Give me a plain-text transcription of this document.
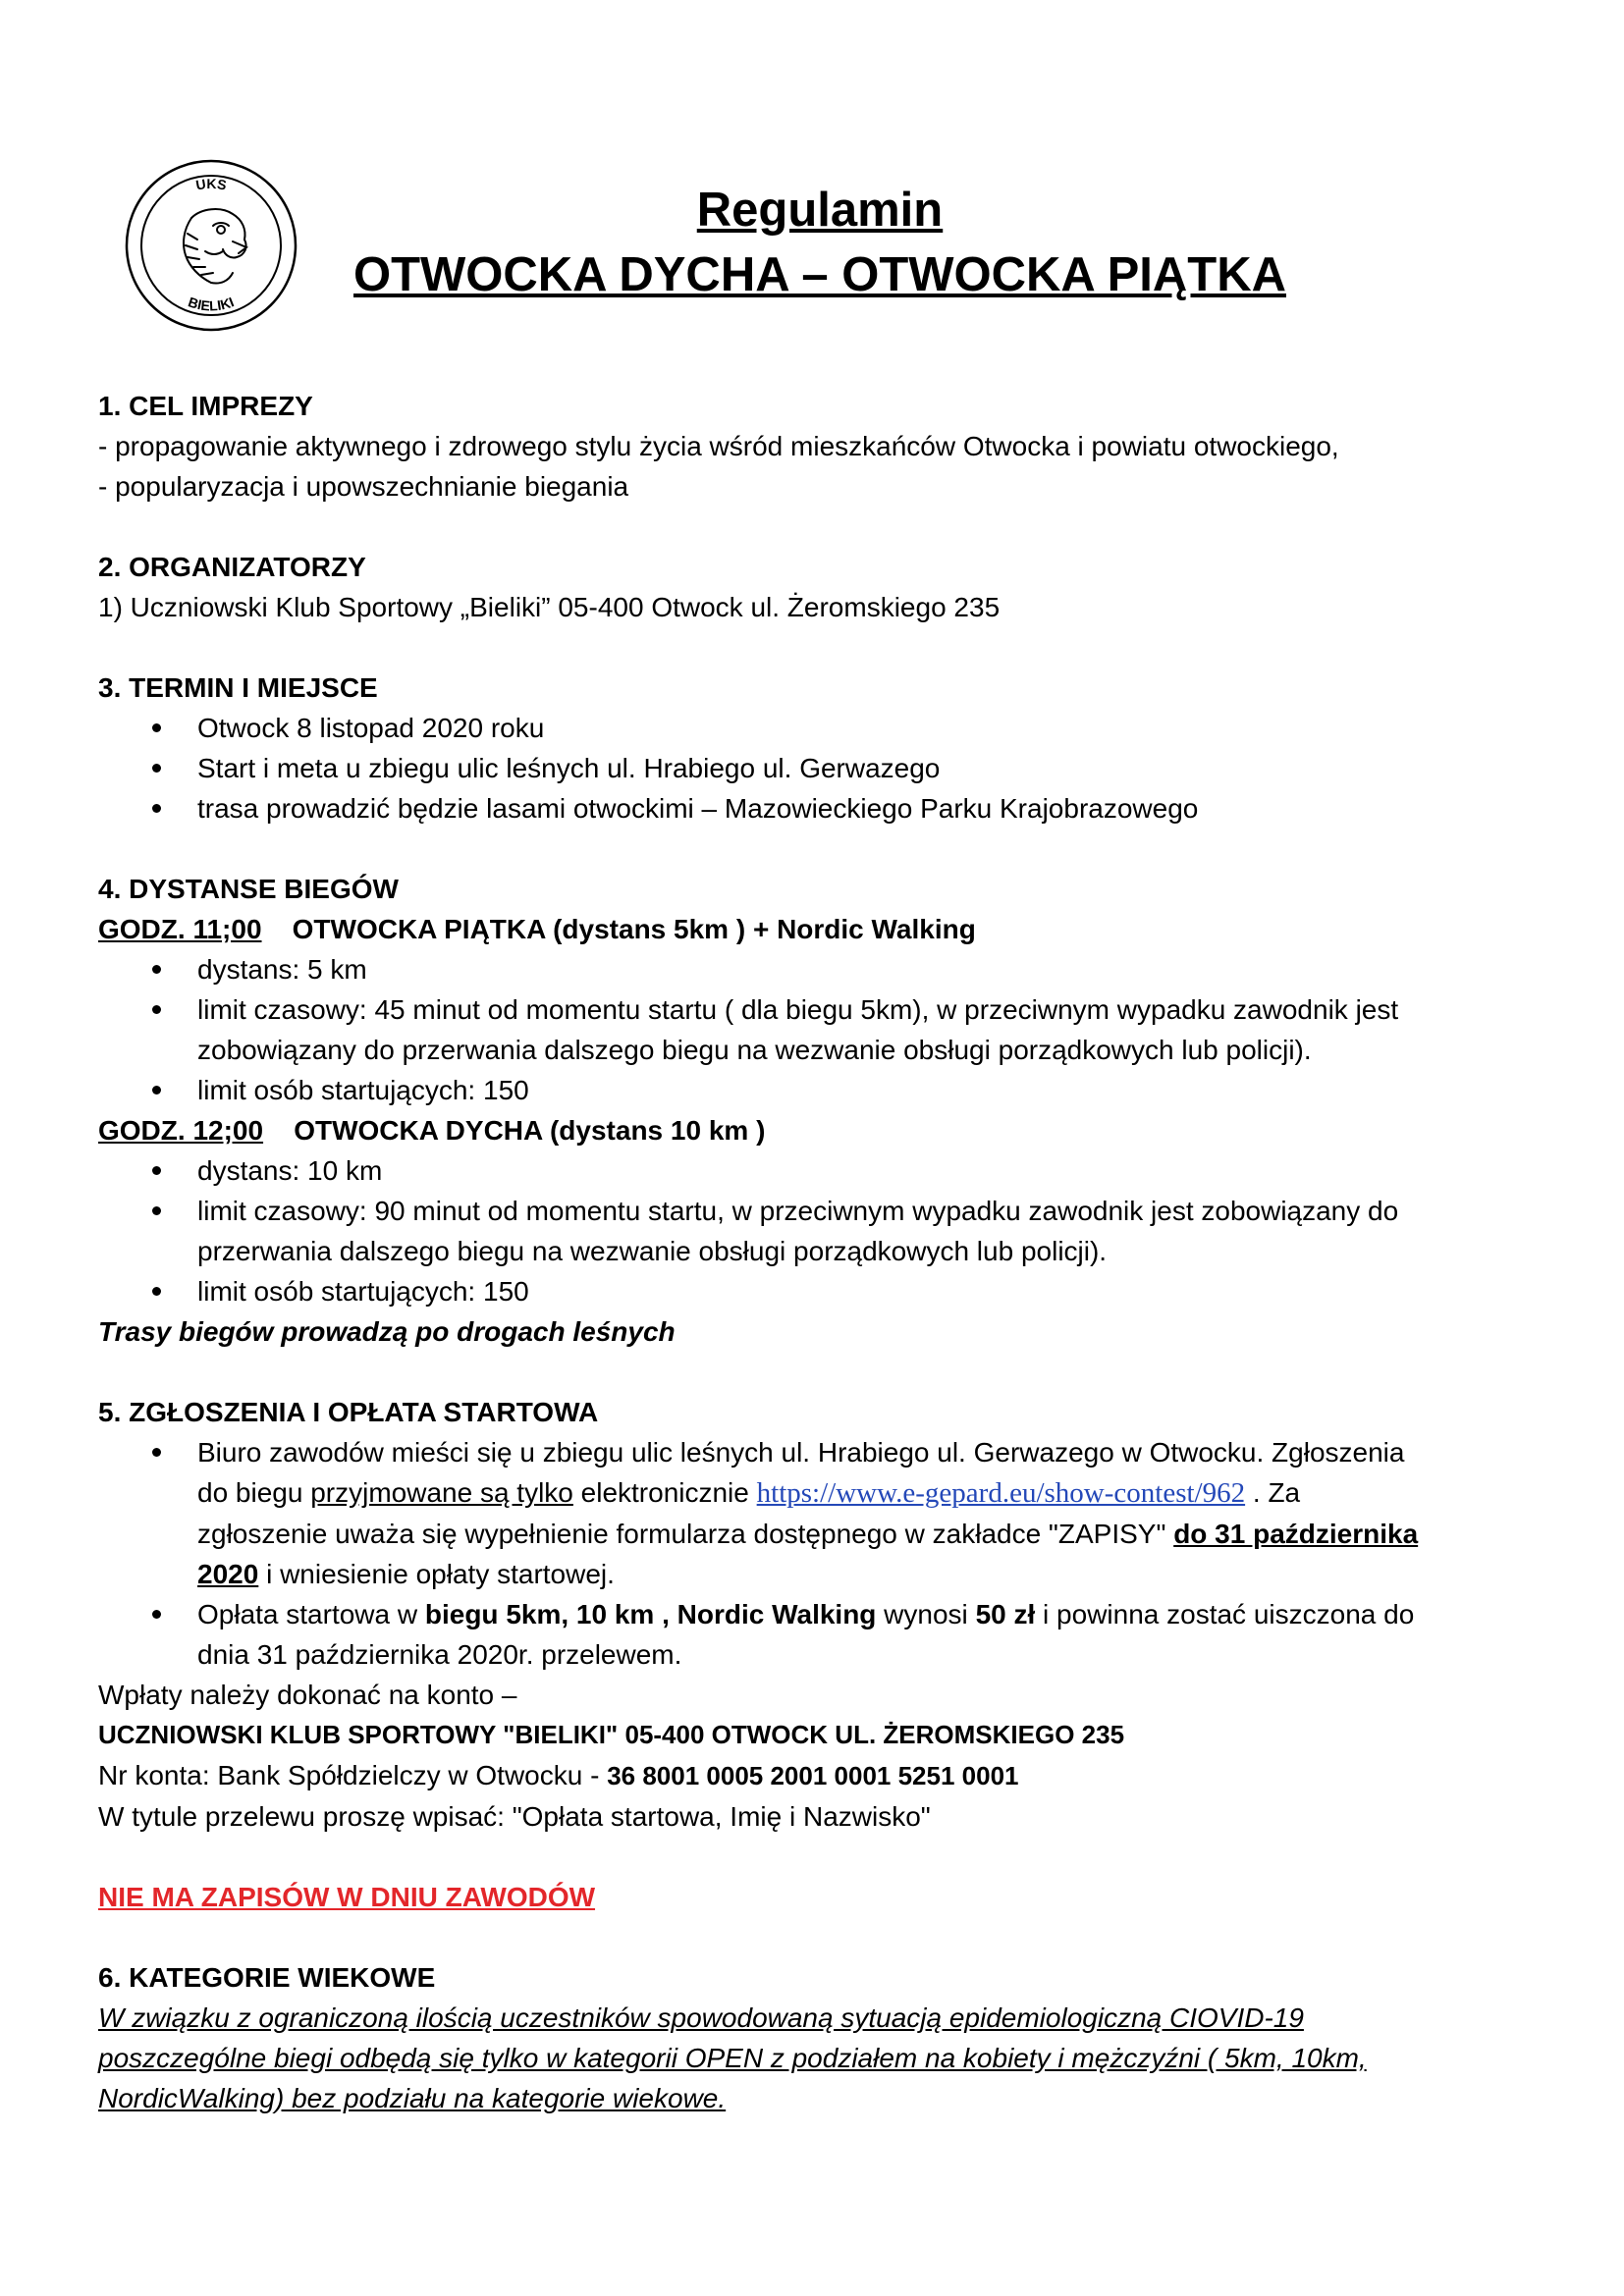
UKS
BIELIKI
Regulamin
OTWOCKA DYCHA – OTWOCKA PIĄTKA
1. CEL IMPREZY
- propagowanie aktywnego i zdrowego stylu życia wśród mieszkańców Otwocka i powiatu otwockiego,
- popularyzacja i upowszechnianie biegania
2. ORGANIZATORZY
1) Uczniowski Klub Sportowy „Bieliki” 05-400 Otwock ul. Żeromskiego 235
3. TERMIN I MIEJSCE
Otwock 8 listopad 2020 roku
Start i meta u zbiegu ulic leśnych ul. Hrabiego ul. Gerwazego
trasa prowadzić będzie lasami otwockimi – Mazowieckiego Parku Krajobrazowego
4. DYSTANSE BIEGÓW
GODZ. 11;00 OTWOCKA PIĄTKA (dystans 5km ) + Nordic Walking
dystans: 5 km
limit czasowy: 45 minut od momentu startu ( dla biegu 5km), w przeciwnym wypadku zawodnik jest
zobowiązany do przerwania dalszego biegu na wezwanie obsługi porządkowych lub policji).
limit osób startujących: 150
GODZ. 12;00 OTWOCKA DYCHA (dystans 10 km )
dystans: 10 km
limit czasowy: 90 minut od momentu startu, w przeciwnym wypadku zawodnik jest zobowiązany do
przerwania dalszego biegu na wezwanie obsługi porządkowych lub policji).
limit osób startujących: 150
Trasy biegów prowadzą po drogach leśnych
5. ZGŁOSZENIA I OPŁATA STARTOWA
Biuro zawodów mieści się u zbiegu ulic leśnych ul. Hrabiego ul. Gerwazego w Otwocku. Zgłoszenia
do biegu przyjmowane są tylko elektronicznie https://www.e-gepard.eu/show-contest/962 . Za
zgłoszenie uważa się wypełnienie formularza dostępnego w zakładce "ZAPISY" do 31 października
2020 i wniesienie opłaty startowej.
Opłata startowa w biegu 5km, 10 km , Nordic Walking wynosi 50 zł i powinna zostać uiszczona do
dnia 31 października 2020r. przelewem.
Wpłaty należy dokonać na konto –
UCZNIOWSKI KLUB SPORTOWY "BIELIKI" 05-400 OTWOCK UL. ŻEROMSKIEGO 235
Nr konta: Bank Spółdzielczy w Otwocku - 36 8001 0005 2001 0001 5251 0001
W tytule przelewu proszę wpisać: "Opłata startowa, Imię i Nazwisko"
NIE MA ZAPISÓW W DNIU ZAWODÓW
6. KATEGORIE WIEKOWE
W związku z ograniczoną ilością uczestników spowodowaną sytuacją epidemiologiczną CIOVID-19
poszczególne biegi odbędą się tylko w kategorii OPEN z podziałem na kobiety i mężczyźni ( 5km, 10km,
NordicWalking) bez podziału na kategorie wiekowe.
